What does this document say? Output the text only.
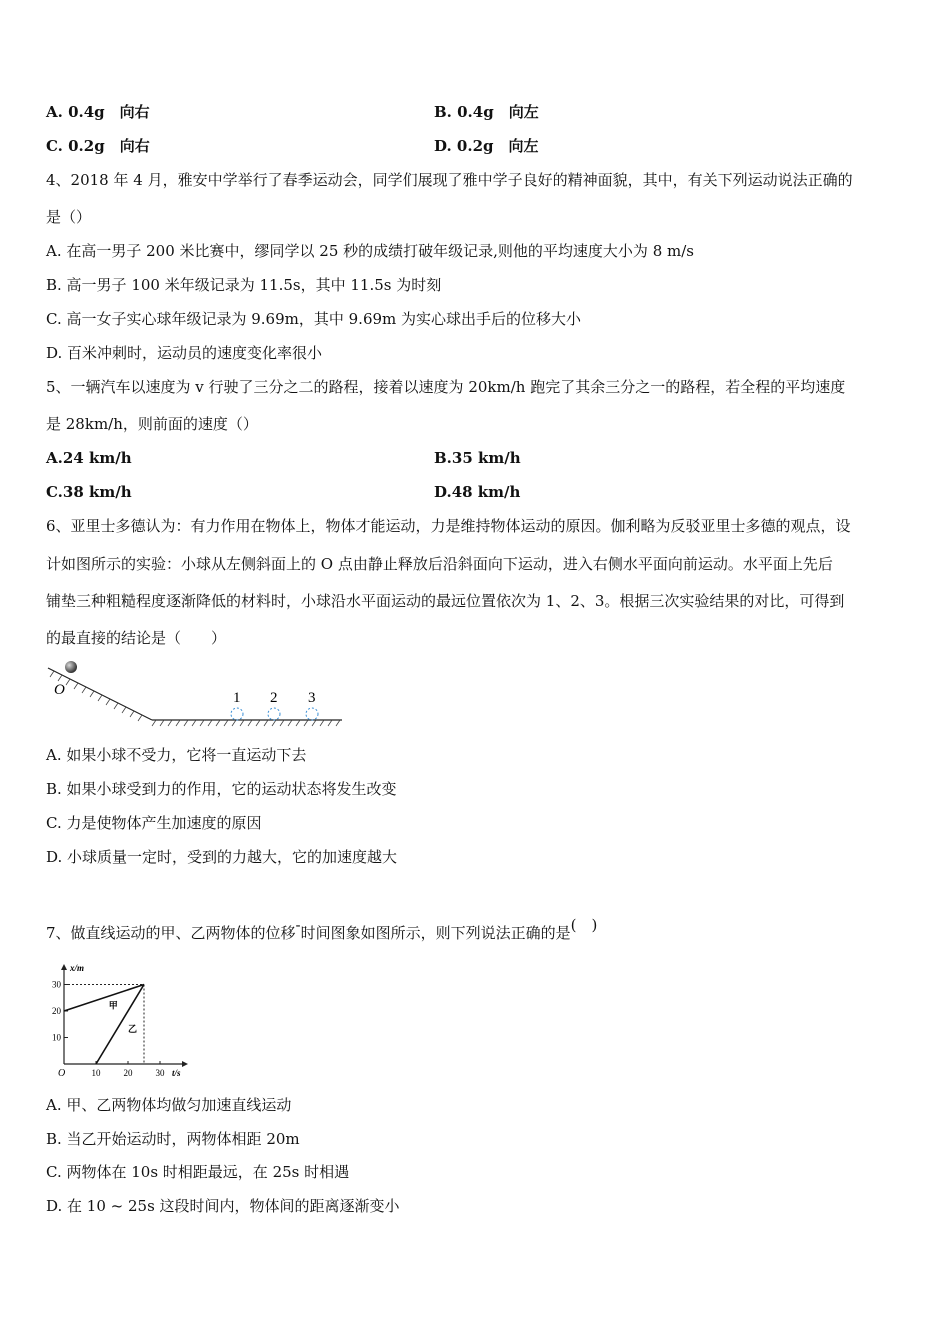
A. 0.4g　向右	B. 0.4g　向左
C. 0.2g　向右	D. 0.2g　向左
4、2018 年 4 月，雅安中学举行了春季运动会，同学们展现了雅中学子良好的精神面貌，其中，有关下列运动说法正确的
是（）
A. 在高一男子 200 米比赛中，缪同学以 25 秒的成绩打破年级记录,则他的平均速度大小为 8 m/s
B. 高一男子 100 米年级记录为 11.5s，其中 11.5s 为时刻
C. 高一女子实心球年级记录为 9.69m，其中 9.69m 为实心球出手后的位移大小
D. 百米冲刺时，运动员的速度变化率很小
5、一辆汽车以速度为 v 行驶了三分之二的路程，接着以速度为 20km/h 跑完了其余三分之一的路程，若全程的平均速度
是 28km/h，则前面的速度（）
A.24 km/h	B.35 km/h
C.38 km/h	D.48 km/h
6、亚里士多德认为：有力作用在物体上，物体才能运动，力是维持物体运动的原因。伽利略为反驳亚里士多德的观点，设
计如图所示的实验：小球从左侧斜面上的 O 点由静止释放后沿斜面向下运动，进入右侧水平面向前运动。水平面上先后
铺垫三种粗糙程度逐渐降低的材料时，小球沿水平面运动的最远位置依次为 1、2、3。根据三次实验结果的对比，可得到
的最直接的结论是（　　）
O	1 2 3
A. 如果小球不受力，它将一直运动下去
B. 如果小球受到力的作用，它的运动状态将发生改变
C. 力是使物体产生加速度的原因
D. 小球质量一定时，受到的力越大，它的加速度越大
7、做直线运动的甲、乙两物体的位移-时间图象如图所示，则下列说法正确的是(　)
x/m
t/s
O
30
20
10
10	20	30
甲
乙
A. 甲、乙两物体均做匀加速直线运动
B. 当乙开始运动时，两物体相距 20m
C. 两物体在 10s 时相距最远，在 25s 时相遇
D. 在 10 ~ 25s 这段时间内，物体间的距离逐渐变小
